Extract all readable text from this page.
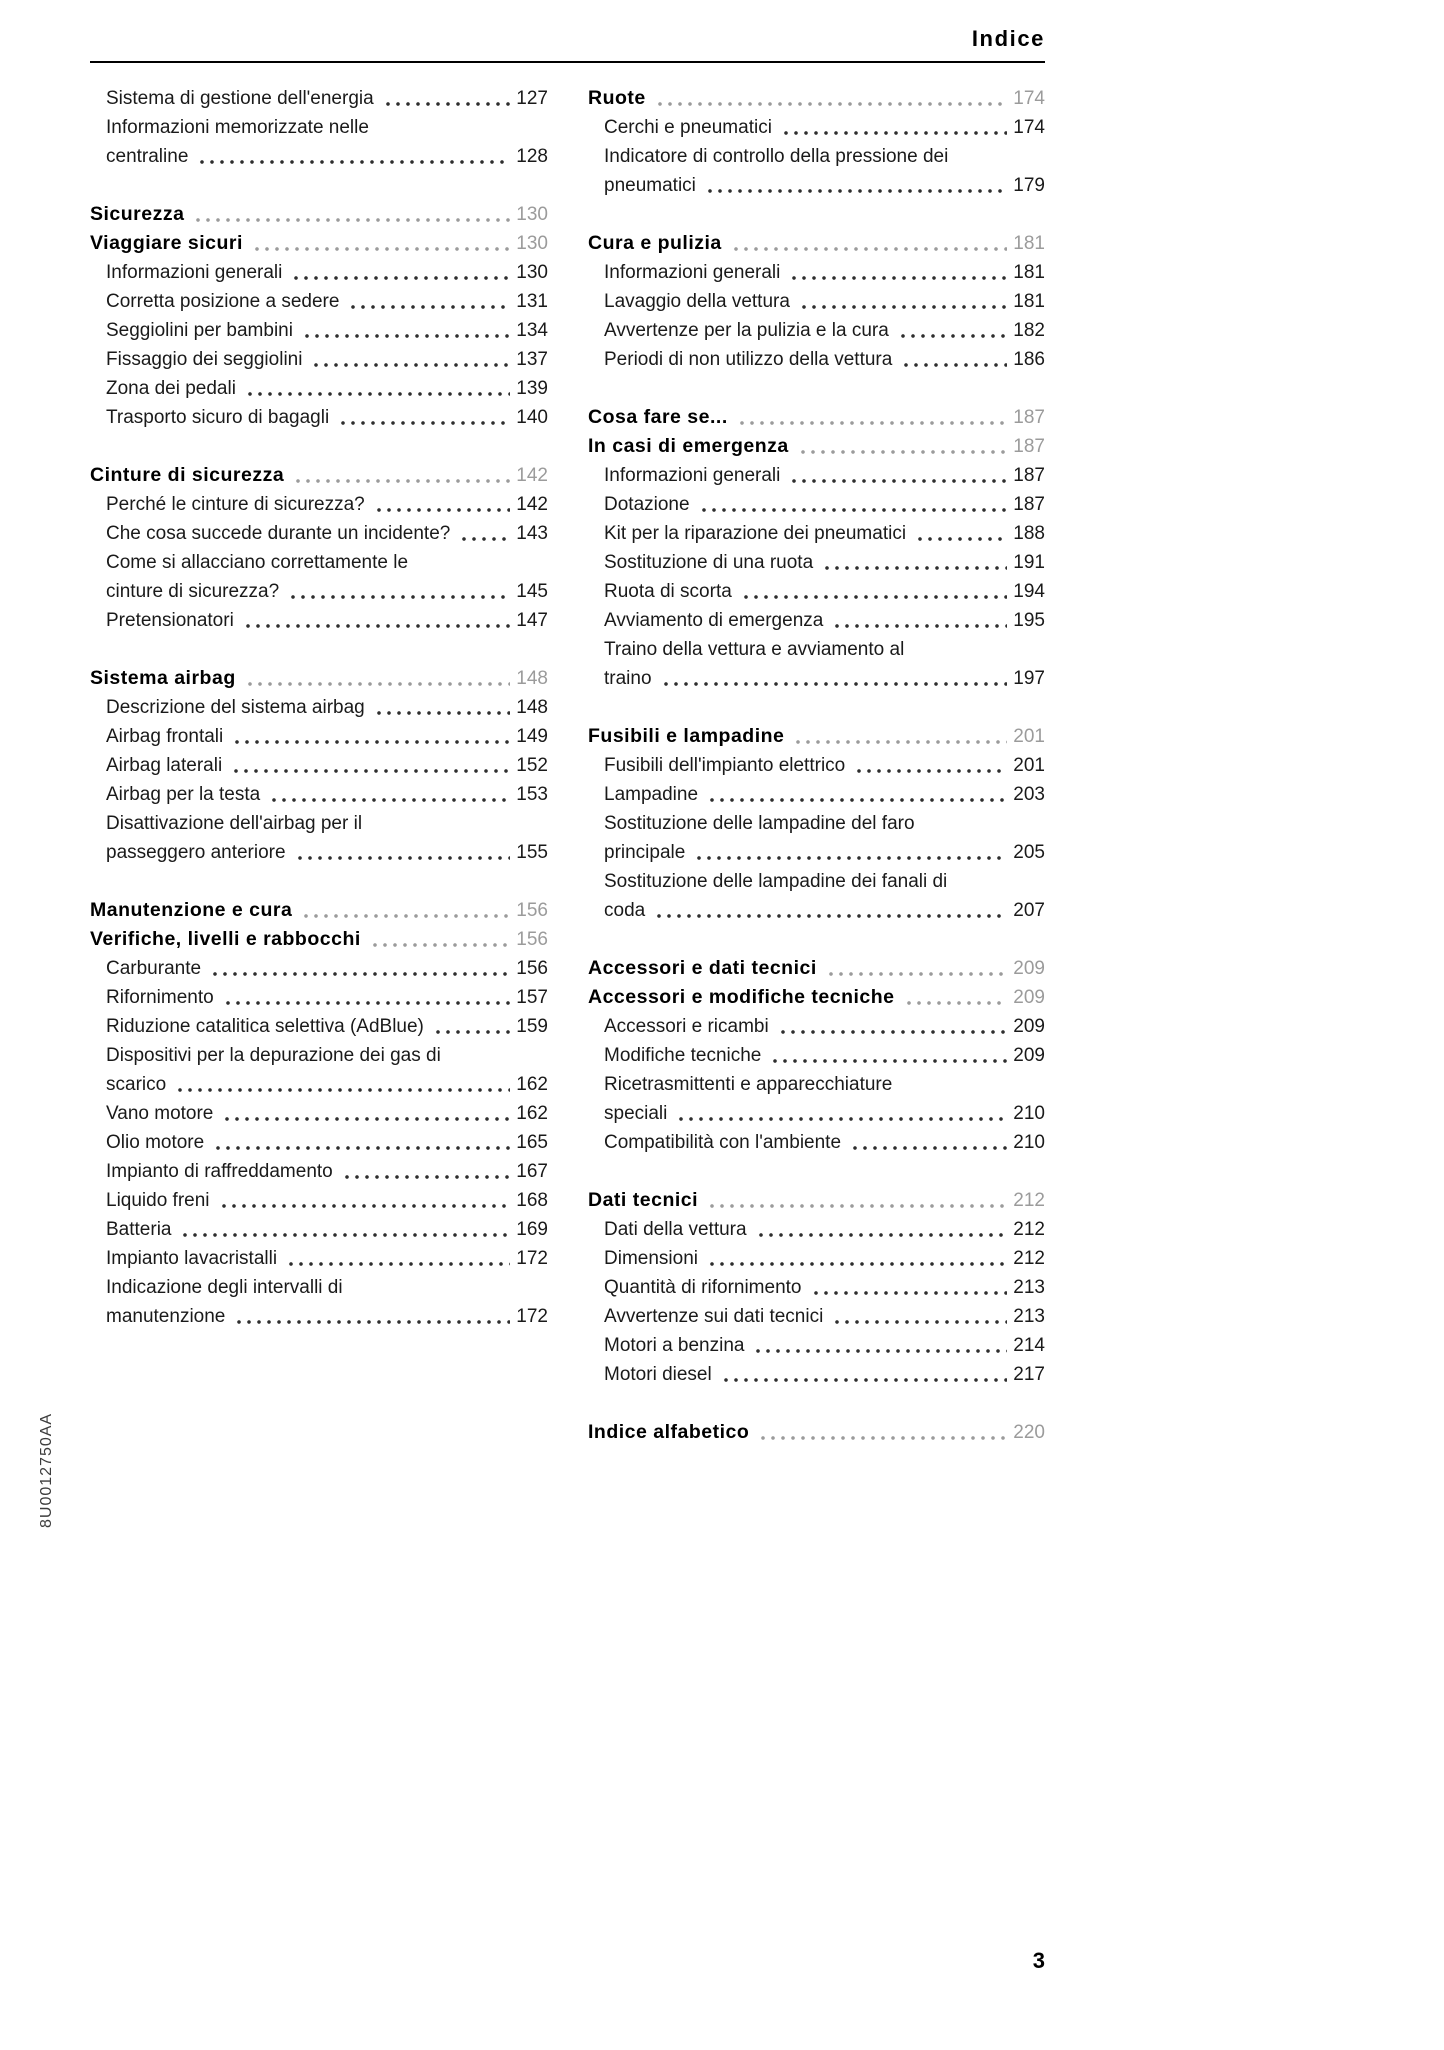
Indice
Sistema di gestione dell'energia	127
Informazioni memorizzate nelle
centraline	128
Sicurezza	130
Viaggiare sicuri	130
Informazioni generali	130
Corretta posizione a sedere	131
Seggiolini per bambini	134
Fissaggio dei seggiolini	137
Zona dei pedali	139
Trasporto sicuro di bagagli	140
Cinture di sicurezza	142
Perché le cinture di sicurezza?	142
Che cosa succede durante un incidente?	143
Come si allacciano correttamente le
cinture di sicurezza?	145
Pretensionatori	147
Sistema airbag	148
Descrizione del sistema airbag	148
Airbag frontali	149
Airbag laterali	152
Airbag per la testa	153
Disattivazione dell'airbag per il
passeggero anteriore	155
Manutenzione e cura	156
Verifiche, livelli e rabbocchi	156
Carburante	156
Rifornimento	157
Riduzione catalitica selettiva (AdBlue)	159
Dispositivi per la depurazione dei gas di
scarico	162
Vano motore	162
Olio motore	165
Impianto di raffreddamento	167
Liquido freni	168
Batteria	169
Impianto lavacristalli	172
Indicazione degli intervalli di
manutenzione	172
Ruote	174
Cerchi e pneumatici	174
Indicatore di controllo della pressione dei
pneumatici	179
Cura e pulizia	181
Informazioni generali	181
Lavaggio della vettura	181
Avvertenze per la pulizia e la cura	182
Periodi di non utilizzo della vettura	186
Cosa fare se...	187
In casi di emergenza	187
Informazioni generali	187
Dotazione	187
Kit per la riparazione dei pneumatici	188
Sostituzione di una ruota	191
Ruota di scorta	194
Avviamento di emergenza	195
Traino della vettura e avviamento al
traino	197
Fusibili e lampadine	201
Fusibili dell'impianto elettrico	201
Lampadine	203
Sostituzione delle lampadine del faro
principale	205
Sostituzione delle lampadine dei fanali di
coda	207
Accessori e dati tecnici	209
Accessori e modifiche tecniche	209
Accessori e ricambi	209
Modifiche tecniche	209
Ricetrasmittenti e apparecchiature
speciali	210
Compatibilità con l'ambiente	210
Dati tecnici	212
Dati della vettura	212
Dimensioni	212
Quantità di rifornimento	213
Avvertenze sui dati tecnici	213
Motori a benzina	214
Motori diesel	217
Indice alfabetico	220
8U0012750AA
3
